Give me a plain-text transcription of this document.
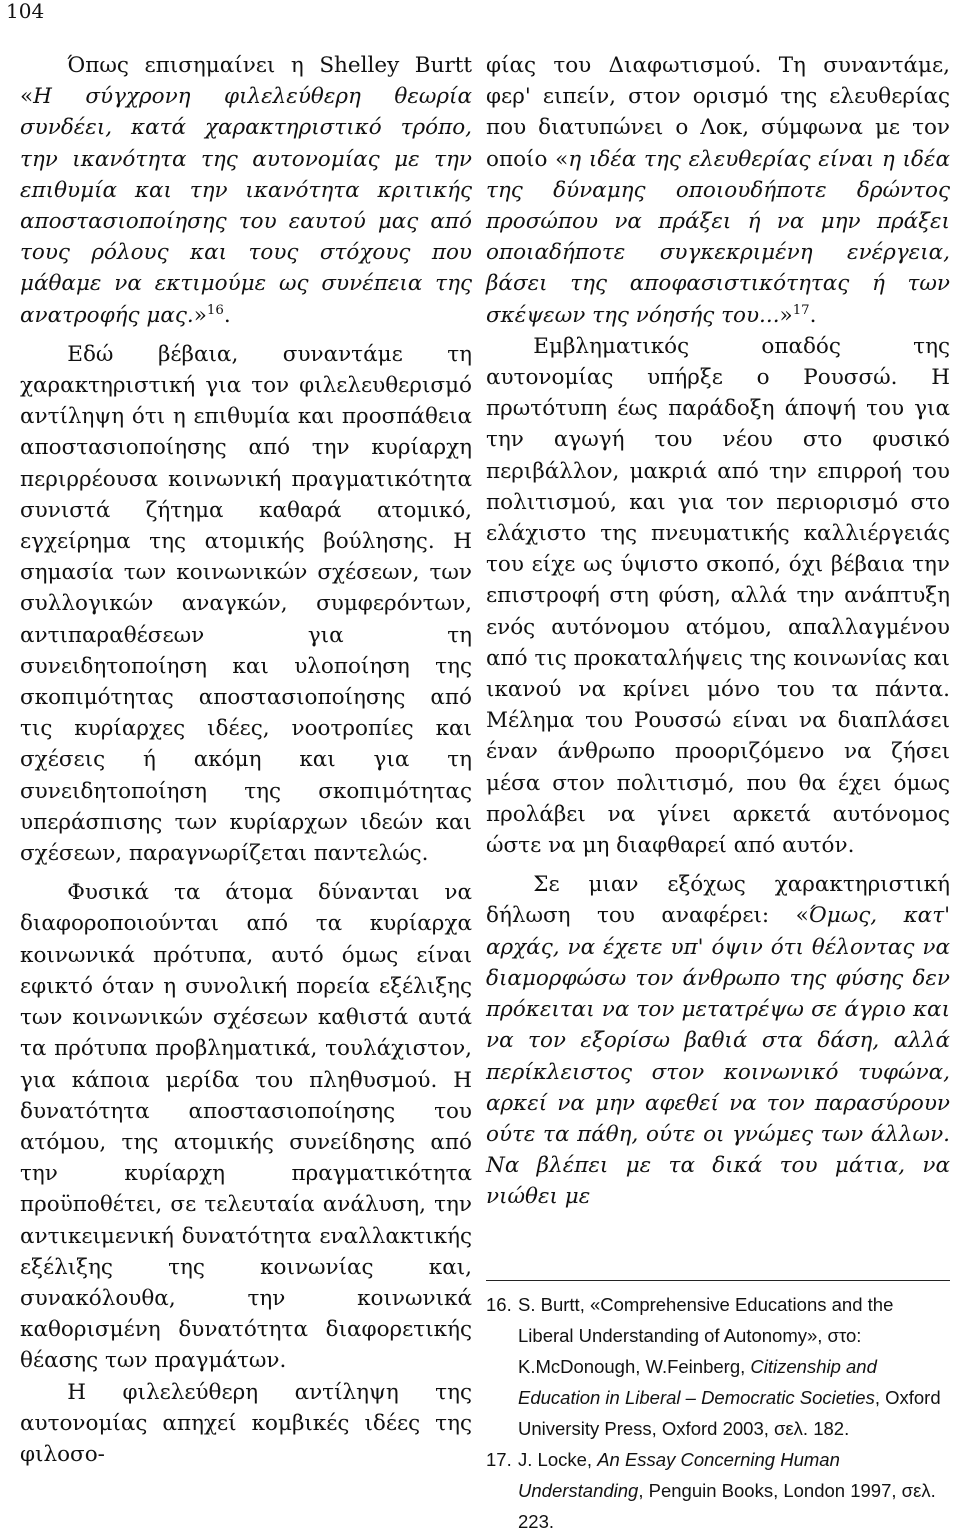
104

Όπως επισημαίνει η Shelley Burtt «Η σύγχρονη φιλελεύθερη θεωρία συνδέει, κατά χαρακτηριστικό τρόπο, την ικανότητα της αυτονομίας με την επιθυμία και την ικανότητα κριτικής αποστασιοποίησης του εαυτού μας από τους ρόλους και τους στόχους που μάθαμε να εκτιμούμε ως συνέπεια της ανατροφής μας.»$^{16}$.

Εδώ βέβαια, συναντάμε τη χαρακτηριστική για τον φιλελευθερισμό αντίληψη ότι η επιθυμία και προσπάθεια αποστασιοποίησης από την κυρίαρχη περιρρέουσα κοινωνική πραγματικότητα συνιστά ζήτημα καθαρά ατομικό, εγχείρημα της ατομικής βούλησης. Η σημασία των κοινωνικών σχέσεων, των συλλογικών αναγκών, συμφερόντων, αντιπαραθέσεων για τη συνειδητοποίηση και υλοποίηση της σκοπιμότητας αποστασιοποίησης από τις κυρίαρχες ιδέες, νοοτροπίες και σχέσεις ή ακόμη και για τη συνειδητοποίηση της σκοπιμότητας υπεράσπισης των κυρίαρχων ιδεών και σχέσεων, παραγνωρίζεται παντελώς.

Φυσικά τα άτομα δύνανται να διαφοροποιούνται από τα κυρίαρχα κοινωνικά πρότυπα, αυτό όμως είναι εφικτό όταν η συνολική πορεία εξέλιξης των κοινωνικών σχέσεων καθιστά αυτά τα πρότυπα προβληματικά, τουλάχιστον, για κάποια μερίδα του πληθυσμού. Η δυνατότητα αποστασιοποίησης του ατόμου, της ατομικής συνείδησης από την κυρίαρχη πραγματικότητα προϋποθέτει, σε τελευταία ανάλυση, την αντικειμενική δυνατότητα εναλλακτικής εξέλιξης της κοινωνίας και, συνακόλουθα, την κοινωνικά καθορισμένη δυνατότητα διαφορετικής θέασης των πραγμάτων.

Η φιλελεύθερη αντίληψη της αυτονομίας απηχεί κομβικές ιδέες της φιλοσο-

φίας του Διαφωτισμού. Τη συναντάμε, φερ' ειπείν, στον ορισμό της ελευθερίας που διατυπώνει ο Λοκ, σύμφωνα με τον οποίο «η ιδέα της ελευθερίας είναι η ιδέα της δύναμης οποιουδήποτε δρώντος προσώπου να πράξει ή να μην πράξει οποιαδήποτε συγκεκριμένη ενέργεια, βάσει της αποφασιστικότητας ή των σκέψεων της νόησής του...»$^{17}$.

Εμβληματικός οπαδός της αυτονομίας υπήρξε ο Ρουσσώ. Η πρωτότυπη έως παράδοξη άποψή του για την αγωγή του νέου στο φυσικό περιβάλλον, μακριά από την επιρροή του πολιτισμού, και για τον περιορισμό στο ελάχιστο της πνευματικής καλλιέργειάς του είχε ως ύψιστο σκοπό, όχι βέβαια την επιστροφή στη φύση, αλλά την ανάπτυξη ενός αυτόνομου ατόμου, απαλλαγμένου από τις προκαταλήψεις της κοινωνίας και ικανού να κρίνει μόνο του τα πάντα. Μέλημα του Ρουσσώ είναι να διαπλάσει έναν άνθρωπο προοριζόμενο να ζήσει μέσα στον πολιτισμό, που θα έχει όμως προλάβει να γίνει αρκετά αυτόνομος ώστε να μη διαφθαρεί από αυτόν.

Σε μιαν εξόχως χαρακτηριστική δήλωση του αναφέρει: «Όμως, κατ' αρχάς, να έχετε υπ' όψιν ότι θέλοντας να διαμορφώσω τον άνθρωπο της φύσης δεν πρόκειται να τον μετατρέψω σε άγριο και να τον εξορίσω βαθιά στα δάση, αλλά περίκλειστος στον κοινωνικό τυφώνα, αρκεί να μην αφεθεί να τον παρασύρουν ούτε τα πάθη, ούτε οι γνώμες των άλλων. Να βλέπει με τα δικά του μάτια, να νιώθει με

16. S. Burtt, «Comprehensive Educations and the Liberal Understanding of Autonomy», στο: K.McDonough, W.Feinberg, Citizenship and Education in Liberal – Democratic Societies, Oxford University Press, Oxford 2003, σελ. 182.

17. J. Locke, An Essay Concerning Human Understanding, Penguin Books, London 1997, σελ. 223.
